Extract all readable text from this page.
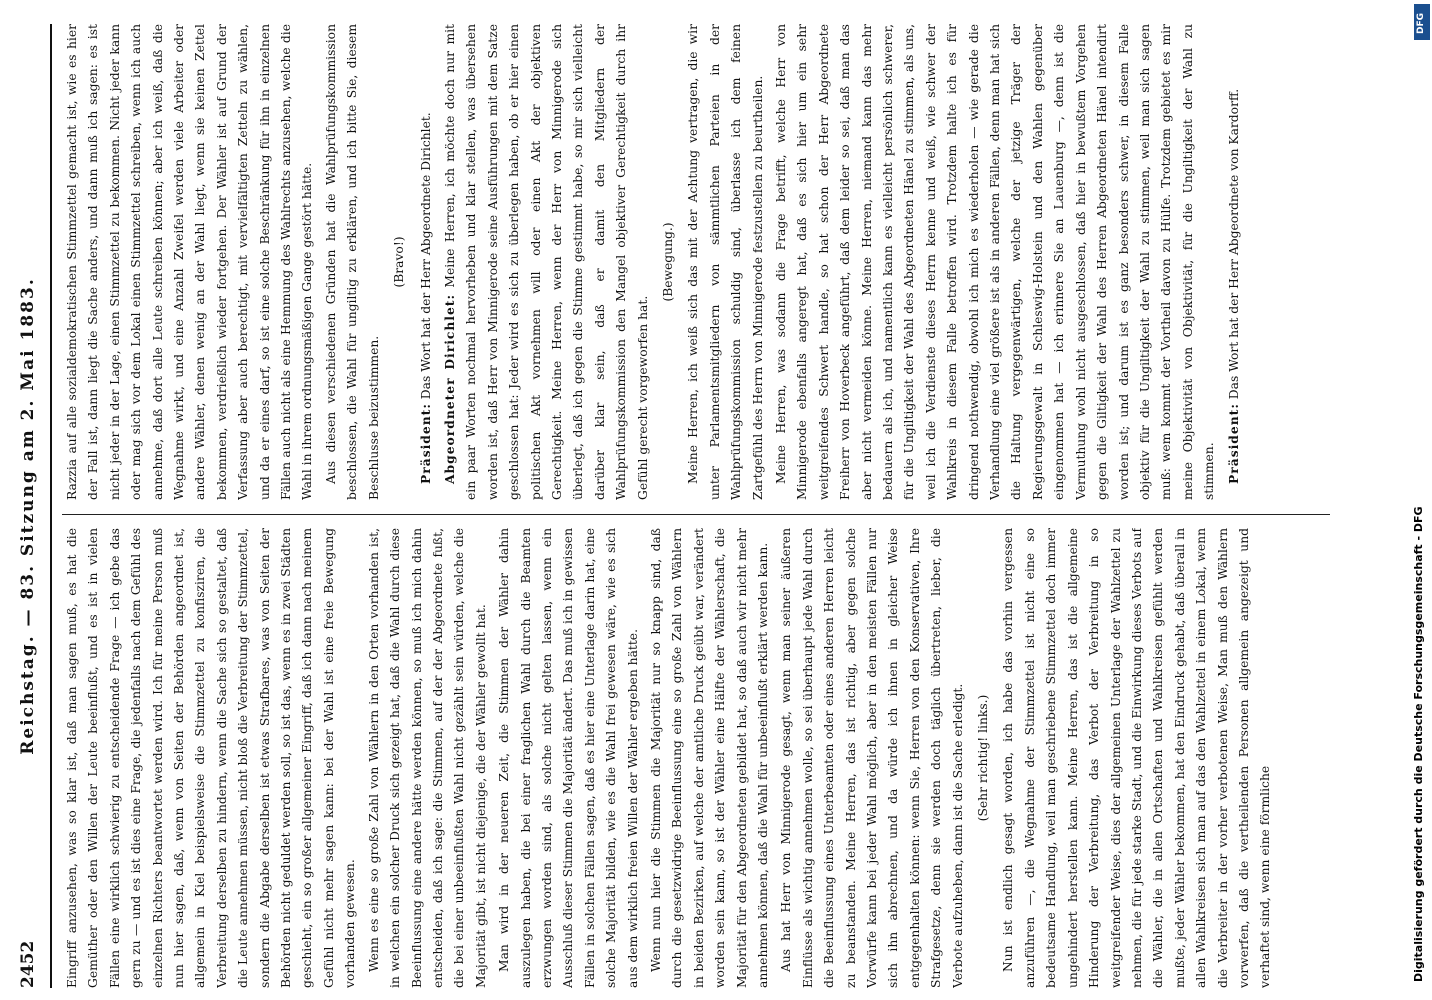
2452
Reichstag. — 83. Sitzung am 2. Mai 1883.

Eingriff anzusehen, was so klar ist, daß man sagen muß, es hat die Gemüther oder den Willen der Leute beeinflußt, und es ist in vielen Fällen eine wirklich schwierig zu entscheidende Frage — ich gebe das gern zu — und es ist dies eine Frage, die jedenfalls nach dem Gefühl des einzelnen Richters beantwortet werden wird. Ich für meine Person muß nun hier sagen, daß, wenn von Seiten der Behörden angeordnet ist, allgemein in Kiel beispielsweise die Stimmzettel zu konfisziren, die Verbreitung derselben zu hindern, wenn die Sache sich so gestaltet, daß die Leute annehmen müssen, nicht bloß die Verbreitung der Stimmzettel, sondern die Abgabe derselben ist etwas Strafbares, was von Seiten der Behörden nicht geduldet werden soll, so ist das, wenn es in zwei Städten geschieht, ein so großer allgemeiner Eingriff, daß ich dann nach meinem Gefühl nicht mehr sagen kann: bei der Wahl ist eine freie Bewegung vorhanden gewesen. Wenn es eine so große Zahl von Wählern in den Orten vorhanden ist, in welchen ein solcher Druck sich gezeigt hat, daß die Wahl durch diese Beeinflussung eine andere hätte werden können, so muß ich mich dahin entscheiden, daß ich sage: die Stimmen, auf der der Abgeordnete fußt, die bei einer unbeeinflußten Wahl nicht gezählt sein würden, welche die Majorität gibt, ist nicht diejenige, die der Wähler gewollt hat. Man wird in der neueren Zeit, die Stimmen der Wähler dahin auszulegen haben, die bei einer fraglichen Wahl durch die Beamten erzwungen worden sind, als solche nicht gelten lassen, wenn ein Ausschluß dieser Stimmen die Majorität ändert. Das muß ich in gewissen Fällen in solchen Fällen sagen, daß es hier eine Unterlage darin hat, eine solche Majorität bilden, wie es die Wahl frei gewesen wäre, wie es sich aus dem wirklich freien Willen der Wähler ergeben hätte. Wenn nun hier die Stimmen die Majorität nur so knapp sind, daß durch die gesetzwidrige Beeinflussung eine so große Zahl von Wählern in beiden Bezirken, auf welche der amtliche Druck geübt war, verändert worden sein kann, so ist der Wähler eine Hälfte der Wählerschaft, die Majorität für den Abgeordneten gebildet hat, so daß auch wir nicht mehr annehmen können, daß die Wahl für unbeeinflußt erklärt werden kann. Aus hat Herr von Minnigerode gesagt, wenn man seiner äußeren Einflüsse als wichtig annehmen wolle, so sei überhaupt jede Wahl durch die Beeinflussung eines Unterbeamten oder eines anderen Herren leicht zu beanstanden. Meine Herren, das ist richtig, aber gegen solche Vorwürfe kann bei jeder Wahl möglich, aber in den meisten Fällen nur sich ihn abrechnen, und da würde ich ihnen in gleicher Weise entgegenhalten können: wenn Sie, Herren von den Konservativen, Ihre Strafgesetze, denn sie werden doch täglich übertreten, lieber, die Verbote aufzuheben, dann ist die Sache erledigt. (Sehr richtig! links.) Nun ist endlich gesagt worden, ich habe das vorhin vergessen anzuführen —, die Wegnahme der Stimmzettel ist nicht eine so bedeutsame Handlung, weil man geschriebene Stimmzettel doch immer ungehindert herstellen kann. Meine Herren, das ist die allgemeine Hinderung der Verbreitung, das Verbot der Verbreitung in so weitgreifender Weise, dies der allgemeinen Unterlage der Wahlzettel zu nehmen, die für jede starke Stadt, und die Einwirkung dieses Verbots auf die Wähler, die in allen Ortschaften und Wahlkreisen gefühlt werden mußte, jeder Wähler bekommen, hat den Eindruck gehabt, daß überall in allen Wahlkreisen sich man auf das den Wahlzettel in einem Lokal, wenn die Verbreiter in der vorher verbotenen Weise, Man muß den Wählern vorwerfen, daß die vertheilenden Personen allgemein angezeigt und verhaftet sind, wenn eine förmliche

Razzia auf alle sozialdemokratischen Stimmzettel gemacht ist, wie es hier der Fall ist, dann liegt die Sache anders, und dann muß ich sagen: es ist nicht jeder in der Lage, einen Stimmzettel zu bekommen. Nicht jeder kann oder mag sich vor dem Lokal einen Stimmzettel schreiben, wenn ich auch annehme, daß dort alle Leute schreiben können; aber ich weiß, daß die Wegnahme wirkt, und eine Anzahl Zweifel werden viele Arbeiter oder andere Wähler, denen wenig an der Wahl liegt, wenn sie keinen Zettel bekommen, verdrießlich wieder fortgehen. Der Wähler ist auf Grund der Verfassung aber auch berechtigt, mit vervielfältigten Zetteln zu wählen, und da er eines darf, so ist eine solche Beschränkung für ihn in einzelnen Fällen auch nicht als eine Hemmung des Wahlrechts anzusehen, welche die Wahl in ihrem ordnungsmäßigen Gange gestört hätte. Aus diesen verschiedenen Gründen hat die Wahlprüfungskommission beschlossen, die Wahl für ungiltig zu erklären, und ich bitte Sie, diesem Beschlusse beizustimmen.

(Bravo!)

Präsident: Das Wort hat der Herr Abgeordnete Dirichlet. Abgeordneter Dirichlet: Meine Herren, ich möchte doch nur mit ein paar Worten nochmal hervorheben und klar stellen, was übersehen worden ist, daß Herr von Minnigerode seine Ausführungen mit dem Satze geschlossen hat: Jeder wird es sich zu überlegen haben, ob er hier einen politischen Akt vornehmen will oder einen Akt der objektiven Gerechtigkeit. Meine Herren, wenn der Herr von Minnigerode sich überlegt, daß ich gegen die Stimme gestimmt habe, so mir sich vielleicht darüber klar sein, daß er damit den Mitgliedern der Wahlprüfungskommission den Mangel objektiver Gerechtigkeit durch ihr Gefühl gerecht vorgeworfen hat.

(Bewegung.) Meine Herren, ich weiß sich das mit der Achtung vertragen, die wir unter Parlamentsmitgliedern von sämmtlichen Parteien in der Wahlprüfungskommission schuldig sind, überlasse ich dem feinen Zartgefühl des Herrn von Minnigerode festzustellen zu beurtheilen. Meine Herren, was sodann die Frage betrifft, welche Herr von Minnigerode ebenfalls angeregt hat, daß es sich hier um ein sehr weitgreifendes Schwert handle, so hat schon der Herr Abgeordnete Freiherr von Hoverbeck angeführt, daß dem leider so sei, daß man das aber nicht vermeiden könne. Meine Herren, niemand kann das mehr bedauern als ich, und namentlich kann es vielleicht persönlich schwerer, für die Ungiltigkeit der Wahl des Abgeordneten Hänel zu stimmen, als uns, weil ich die Verdienste dieses Herrn kenne und weiß, wie schwer der Wahlkreis in diesem Falle betroffen wird. Trotzdem halte ich es für dringend nothwendig, obwohl ich mich es wiederholen — wie gerade die Verhandlung eine viel größere ist als in anderen Fällen, denn man hat sich die Haltung vergegenwärtigen, welche der jetzige Träger der Regierungsgewalt in Schleswig-Holstein und den Wahlen gegenüber eingenommen hat — ich erinnere Sie an Lauenburg —, denn ist die Vermuthung wohl nicht ausgeschlossen, daß hier in bewußtem Vorgehen gegen die Giltigkeit der Wahl des Herren Abgeordneten Hänel intendirt worden ist; und darum ist es ganz besonders schwer, in diesem Falle objektiv für die Ungiltigkeit der Wahl zu stimmen, weil man sich sagen muß: wem kommt der Vortheil davon zu Hülfe. Trotzdem gebietet es mir meine Objektivität von Objektivität, für die Ungiltigkeit der Wahl zu stimmen. Präsident: Das Wort hat der Herr Abgeordnete von Kardorff.

Digitalisierung gefördert durch die Deutsche Forschungsgemeinschaft - DFG
DFG
